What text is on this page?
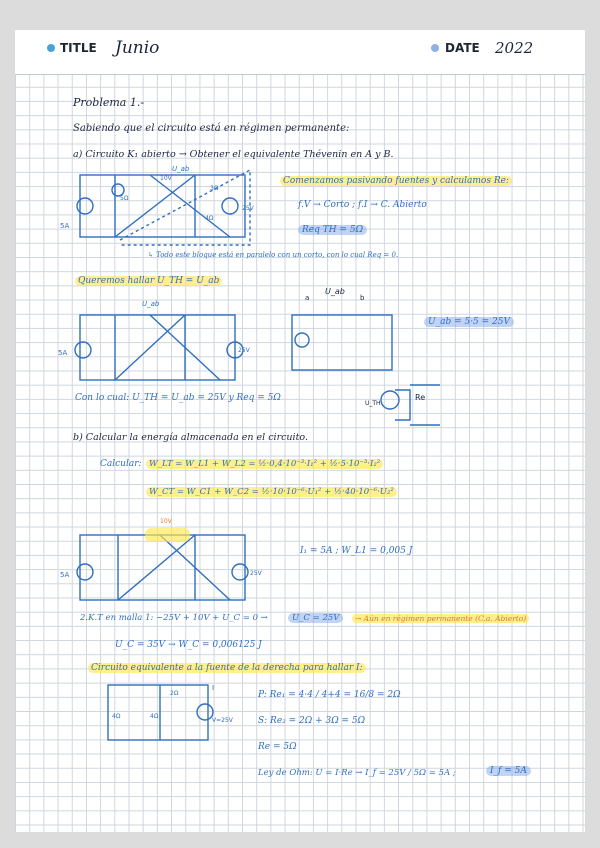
TITLE Junio	DATE 2022
Problema 1.-
Sabiendo que el circuito está en régimen permanente:
a) Circuito K₁ abierto → Obtener el equivalente Thévenin en A y B.
Comenzamos pasivando fuentes y calculamos Re:
f.V → Corto ; f.I → C. Abierto
Req TH = 5Ω
↳ Todo este bloque está en paralelo con un corto, con lo cual Req = 0.
Queremos hallar U_TH = U_ab
U_ab = 5·5 = 25V
Con lo cual: U_TH = U_ab = 25V y Req = 5Ω
b) Calcular la energía almacenada en el circuito.
Calcular: W_LT = W_L1 + W_L2 = ½·0,4·10⁻³·I₁² + ½·5·10⁻³·I₂²
W_CT = W_C1 + W_C2 = ½·10·10⁻⁶·U₁² + ½·40·10⁻⁶·U₂²
I₁ = 5A ; W_L1 = 0,005 J
2.K.T en malla 1: −25V + 10V + U_C = 0 →	U_C = 25V	→ Aún en régimen permanente (C.a. Abierto)
U_C = 35V → W_C = 0,006125 J
Circuito equivalente a la fuente de la derecha para hallar I:
P: Re₁ = 4·4 / 4+4 = 16/8 = 2Ω
S: Re₂ = 2Ω + 3Ω = 5Ω
Re = 5Ω
Ley de Ohm: U = I·Re → I_f = 25V / 5Ω = 5A ;	I_f = 5A
U_ab
10V
25V
5A
5Ω
4Ω
3Ω
U_ab
5A	25V
a	b
U_ab
Re
U_TH
10V
5A	25V
4Ω	4Ω
2Ω
V=25V
I
